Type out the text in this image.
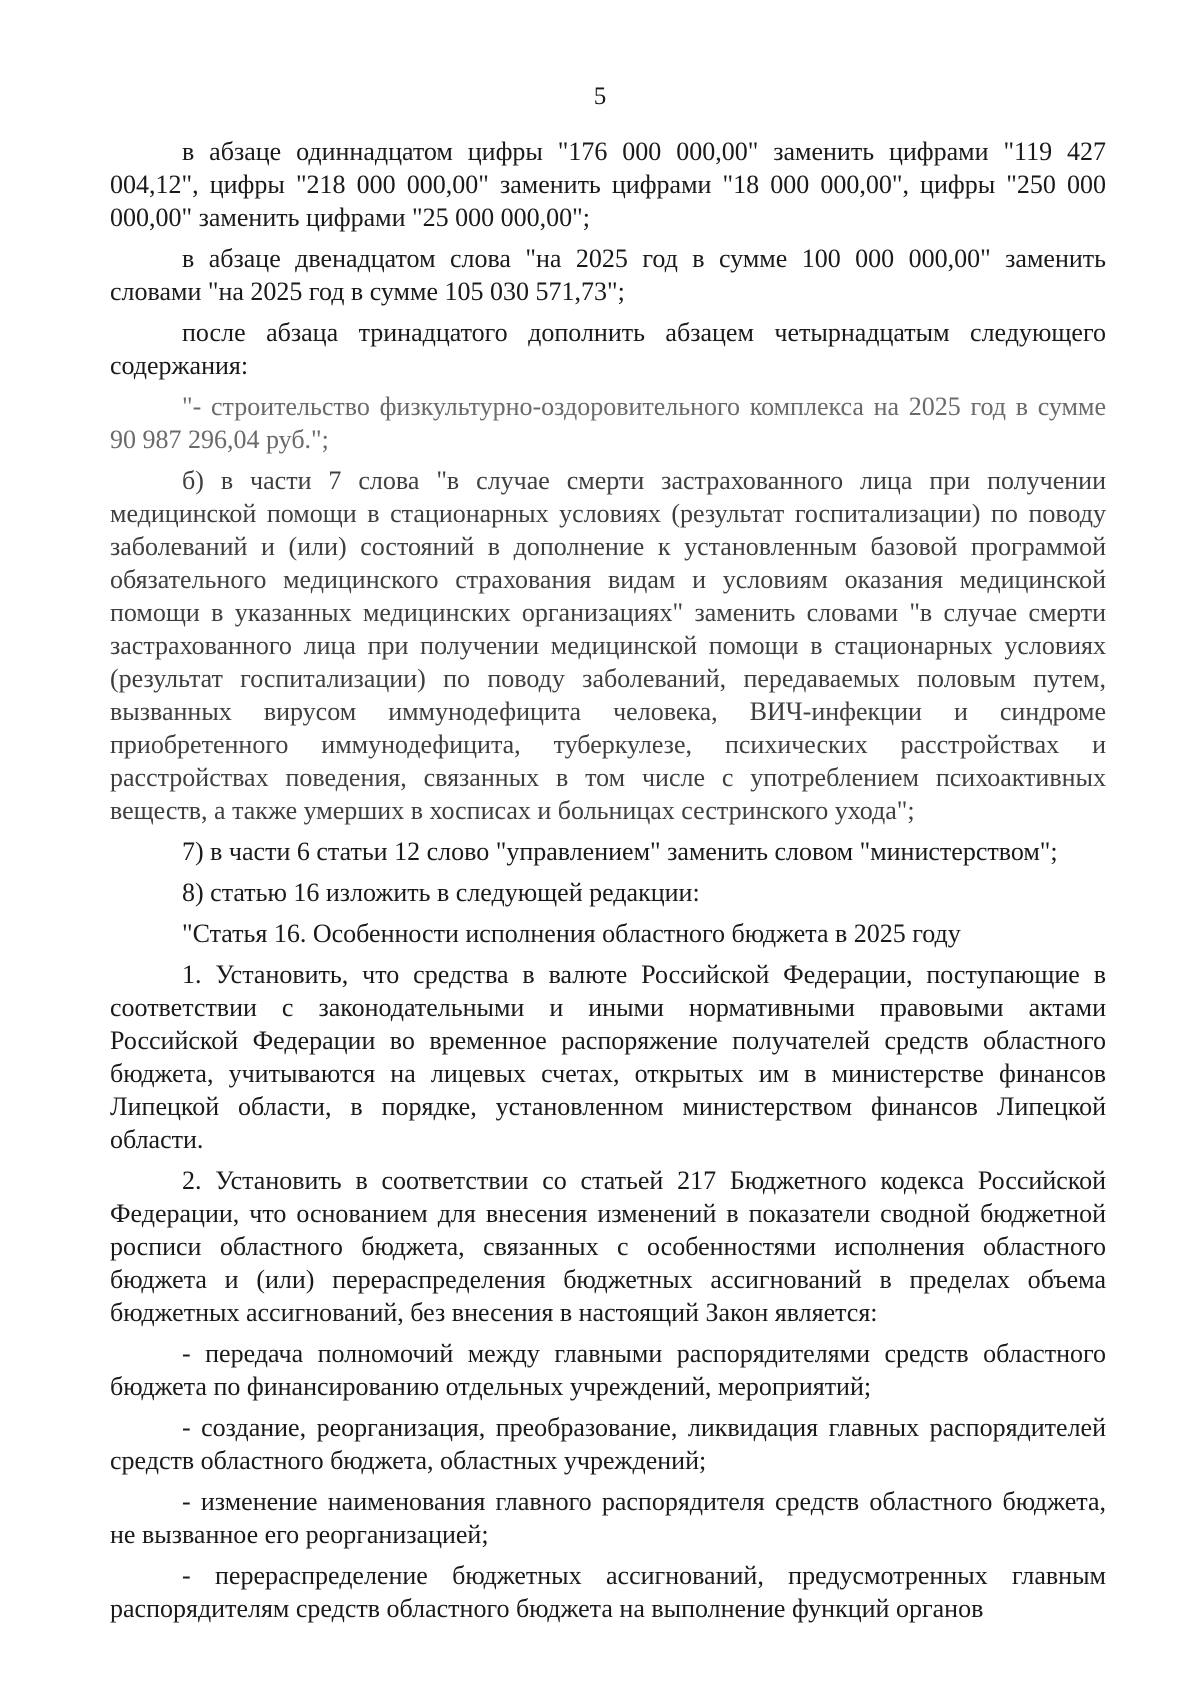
5

в абзаце одиннадцатом цифры "176 000 000,00" заменить цифрами "119 427 004,12", цифры "218 000 000,00" заменить цифрами "18 000 000,00", цифры "250 000 000,00" заменить цифрами "25 000 000,00";

в абзаце двенадцатом слова "на 2025 год в сумме 100 000 000,00" заменить словами "на 2025 год в сумме 105 030 571,73";

после абзаца тринадцатого дополнить абзацем четырнадцатым следующего содержания:

"- строительство физкультурно-оздоровительного комплекса на 2025 год в сумме 90 987 296,04 руб.";

б) в части 7 слова "в случае смерти застрахованного лица при получении медицинской помощи в стационарных условиях (результат госпитализации) по поводу заболеваний и (или) состояний в дополнение к установленным базовой программой обязательного медицинского страхования видам и условиям оказания медицинской помощи в указанных медицинских организациях" заменить словами "в случае смерти застрахованного лица при получении медицинской помощи в стационарных условиях (результат госпитализации) по поводу заболеваний, передаваемых половым путем, вызванных вирусом иммунодефицита человека, ВИЧ-инфекции и синдроме приобретенного иммунодефицита, туберкулезе, психических расстройствах и расстройствах поведения, связанных в том числе с употреблением психоактивных веществ, а также умерших в хосписах и больницах сестринского ухода";

7) в части 6 статьи 12 слово "управлением" заменить словом "министерством";

8) статью 16 изложить в следующей редакции:

"Статья 16. Особенности исполнения областного бюджета в 2025 году

1. Установить, что средства в валюте Российской Федерации, поступающие в соответствии с законодательными и иными нормативными правовыми актами Российской Федерации во временное распоряжение получателей средств областного бюджета, учитываются на лицевых счетах, открытых им в министерстве финансов Липецкой области, в порядке, установленном министерством финансов Липецкой области.

2. Установить в соответствии со статьей 217 Бюджетного кодекса Российской Федерации, что основанием для внесения изменений в показатели сводной бюджетной росписи областного бюджета, связанных с особенностями исполнения областного бюджета и (или) перераспределения бюджетных ассигнований в пределах объема бюджетных ассигнований, без внесения в настоящий Закон является:

- передача полномочий между главными распорядителями средств областного бюджета по финансированию отдельных учреждений, мероприятий;

- создание, реорганизация, преобразование, ликвидация главных распорядителей средств областного бюджета, областных учреждений;

- изменение наименования главного распорядителя средств областного бюджета, не вызванное его реорганизацией;

- перераспределение бюджетных ассигнований, предусмотренных главным распорядителям средств областного бюджета на выполнение функций органов
